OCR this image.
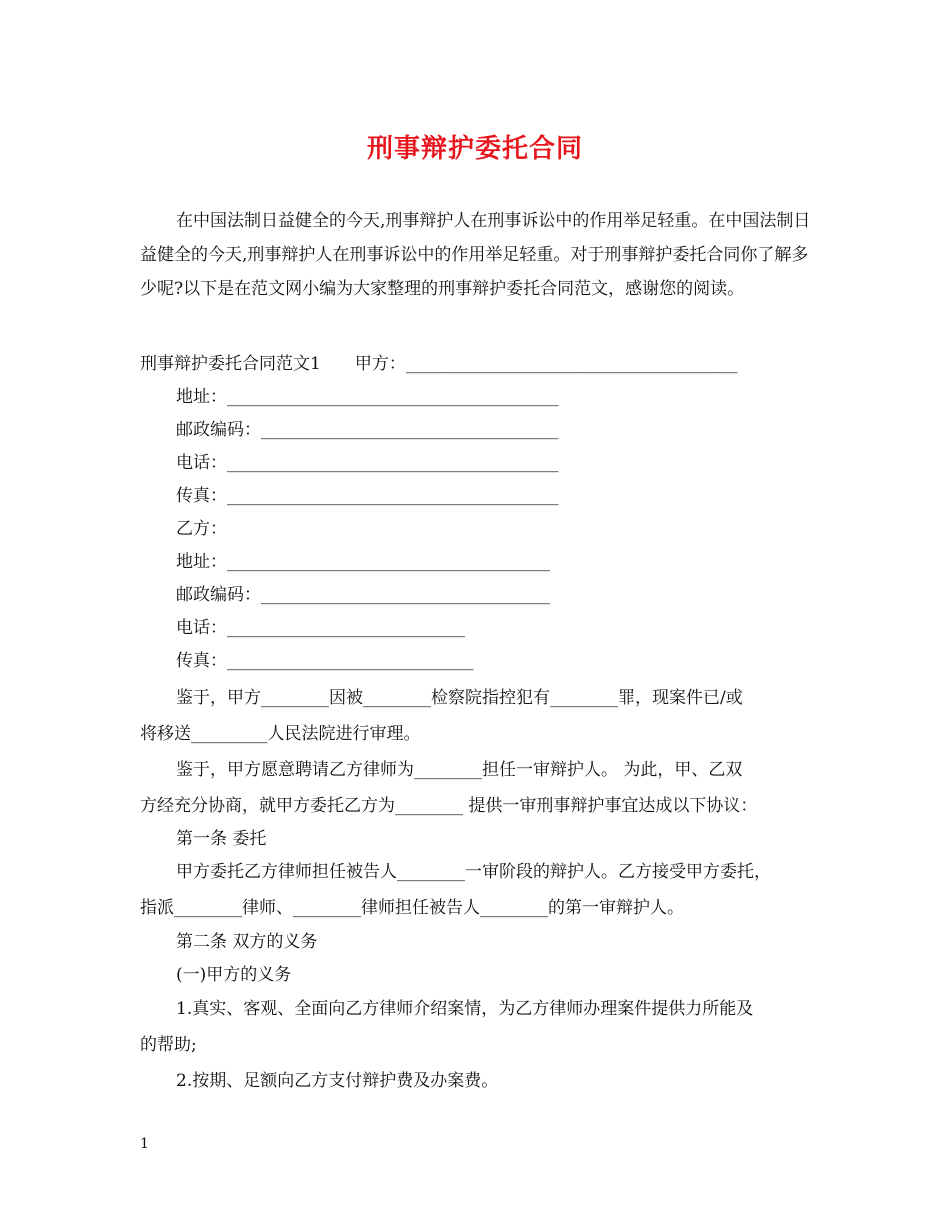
刑事辩护委托合同

在中国法制日益健全的今天,刑事辩护人在刑事诉讼中的作用举足轻重。在中国法制日益健全的今天,刑事辩护人在刑事诉讼中的作用举足轻重。对于刑事辩护委托合同你了解多少呢?以下是在范文网小编为大家整理的刑事辩护委托合同范文，感谢您的阅读。

刑事辩护委托合同范文1　　甲方：_______________________________________

地址：_______________________________________

邮政编码：___________________________________

电话：_______________________________________

传真：_______________________________________

乙方：

地址：______________________________________

邮政编码：__________________________________

电话：____________________________

传真：_____________________________

鉴于，甲方________因被________检察院指控犯有________罪，现案件已/或

将移送_________人民法院进行审理。

鉴于，甲方愿意聘请乙方律师为________担任一审辩护人。 为此，甲、乙双

方经充分协商，就甲方委托乙方为________ 提供一审刑事辩护事宜达成以下协议：

第一条 委托

甲方委托乙方律师担任被告人________一审阶段的辩护人。乙方接受甲方委托，

指派________律师、________律师担任被告人________的第一审辩护人。

第二条 双方的义务

(一)甲方的义务

1.真实、客观、全面向乙方律师介绍案情，为乙方律师办理案件提供力所能及

的帮助;

2.按期、足额向乙方支付辩护费及办案费。

1
